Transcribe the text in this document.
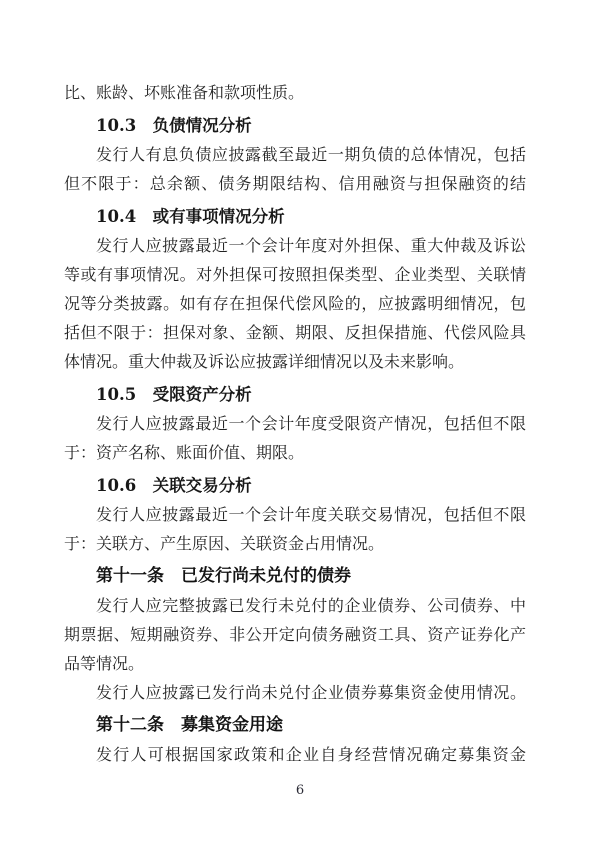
比、账龄、坏账准备和款项性质。
10.3　负债情况分析
发行人有息负债应披露截至最近一期负债的总体情况，包括
但不限于：总余额、债务期限结构、信用融资与担保融资的结
10.4　或有事项情况分析
发行人应披露最近一个会计年度对外担保、重大仲裁及诉讼
等或有事项情况。对外担保可按照担保类型、企业类型、关联情
况等分类披露。如有存在担保代偿风险的，应披露明细情况，包
括但不限于：担保对象、金额、期限、反担保措施、代偿风险具
体情况。重大仲裁及诉讼应披露详细情况以及未来影响。
10.5　受限资产分析
发行人应披露最近一个会计年度受限资产情况，包括但不限
于：资产名称、账面价值、期限。
10.6　关联交易分析
发行人应披露最近一个会计年度关联交易情况，包括但不限
于：关联方、产生原因、关联资金占用情况。
第十一条　已发行尚未兑付的债券
发行人应完整披露已发行未兑付的企业债券、公司债券、中
期票据、短期融资券、非公开定向债务融资工具、资产证券化产
品等情况。
发行人应披露已发行尚未兑付企业债券募集资金使用情况。
第十二条　募集资金用途
发行人可根据国家政策和企业自身经营情况确定募集资金
6
